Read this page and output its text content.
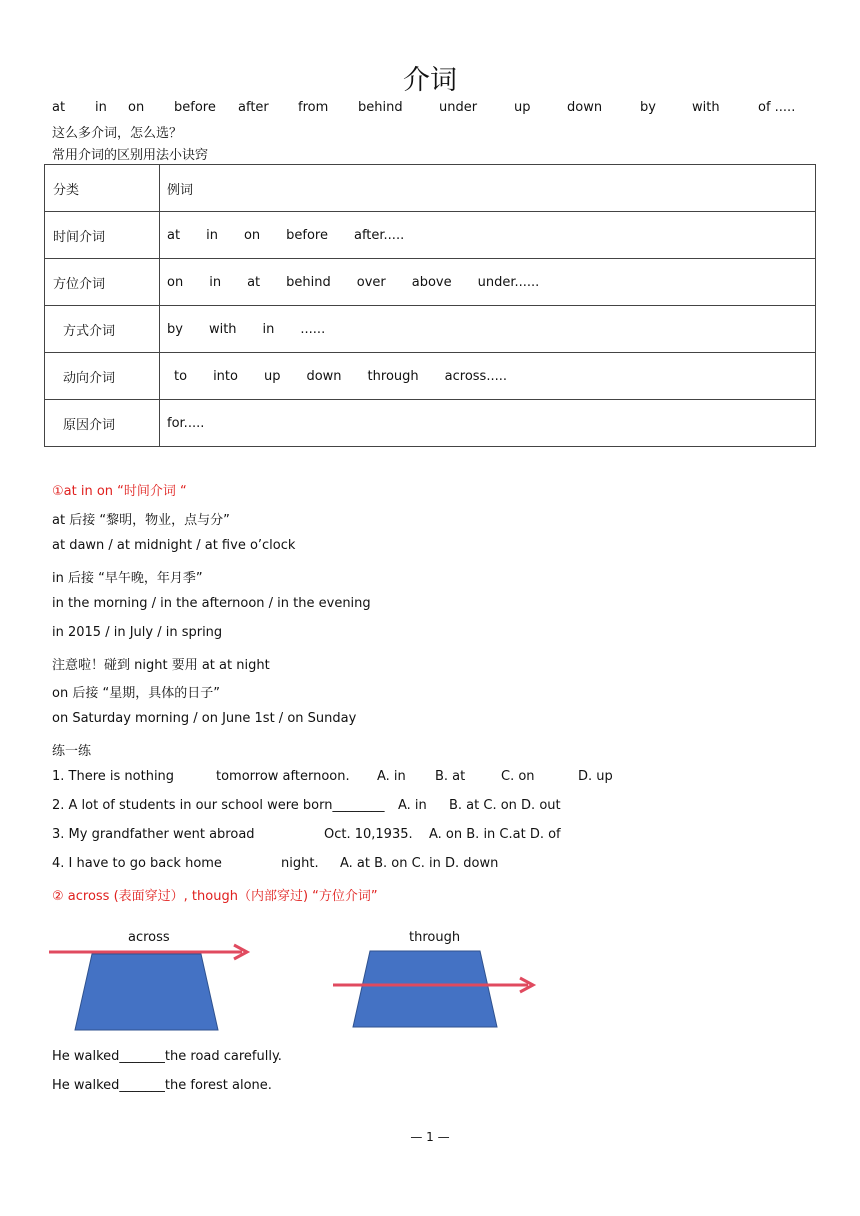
介词
at in on before after from behind	under	up	down	by	with	of .....
这么多介词，怎么选？
常用介词的区别用法小诀窍
分类	例词
时间介词	at in on before after.....
方位介词	on in at behind over above under......
方式介词	by with in ......
动向介词	to into up down through across.....
原因介词	for.....
①at in on “时间介词 “
at 后接 “黎明，物业，点与分”
at dawn / at midnight / at five o’clock
in 后接 “早午晚，年月季”
in the morning / in the afternoon / in the evening
in 2015 / in July / in spring
注意啦！碰到 night 要用 at at night
on 后接 “星期，具体的日子”
on Saturday morning / on June 1st / on Sunday
练一练
1. There is nothing	tomorrow afternoon. A. in B. at	C. on	D. up
2. A lot of students in our school were born________ A. in B. at C. on D. out
3. My grandfather went abroad	Oct. 10,1935. A. on B. in C.at D. of
4. I have to go back home	night. A. at B. on C. in D. down
② across (表面穿过）, though（内部穿过) “方位介词”
across	through
He walked_______the road carefully.
He walked_______the forest alone.
— 1 —
